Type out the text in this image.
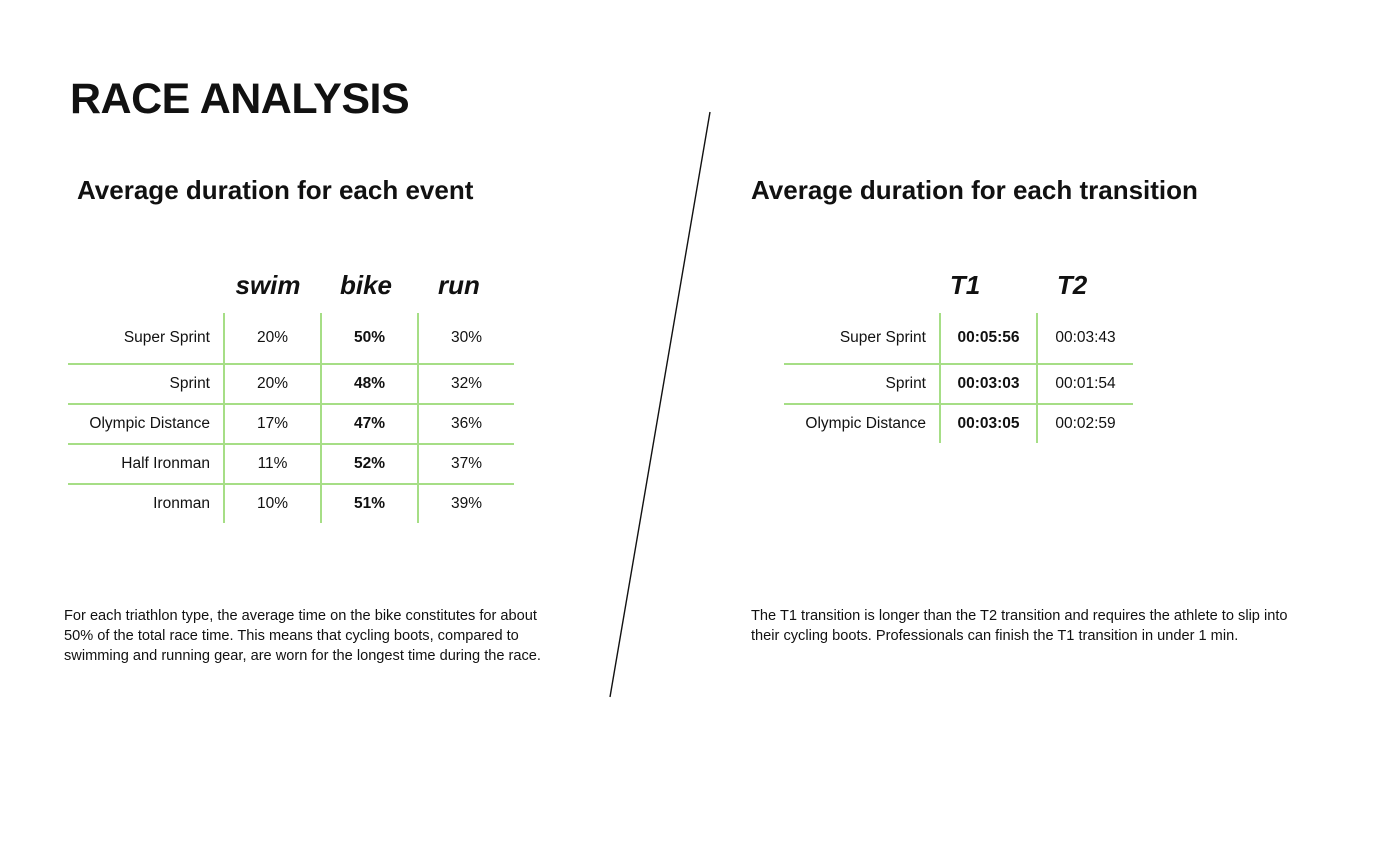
RACE ANALYSIS
Average duration for each event	Average duration for each transition
swim bike run
Super Sprint	20%	50%	30%
Sprint	20%	48%	32%
Olympic Distance	17%	47%	36%
Half Ironman	11%	52%	37%
Ironman	10%	51%	39%
T1	T2
Super Sprint	00:05:56	00:03:43
Sprint	00:03:03	00:01:54
Olympic Distance	00:03:05	00:02:59

For each triathlon type, the average time on the bike constitutes for about 50% of the total race time. This means that cycling boots, compared to swimming and running gear, are worn for the longest time during the race.

The T1 transition is longer than the T2 transition and requires the athlete to slip into their cycling boots. Professionals can finish the T1 transition in under 1 min.
